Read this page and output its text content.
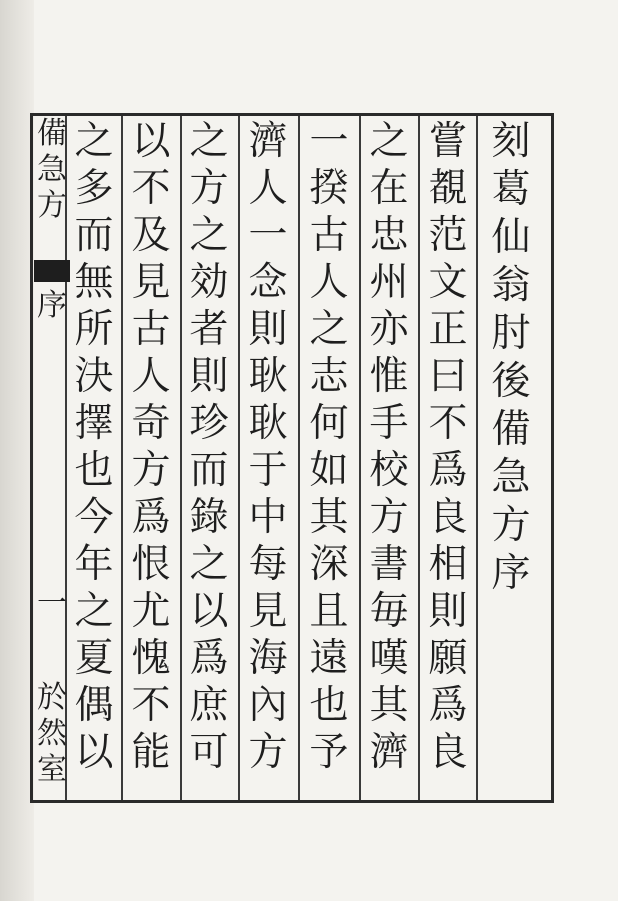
刻
葛
仙
翁
肘
後
備
急
方
序
嘗
覩
范
文
正
曰
不
爲
良
相
則
願
爲
良
之
在
忠
州
亦
惟
手
校
方
書
毎
嘆
其
濟
一
揆
古
人
之
志
何
如
其
深
且
遠
也
予
濟
人
一
念
則
耿
耿
于
中
每
見
海
內
方
之
方
之
効
者
則
珍
而
錄
之
以
爲
庶
可
以
不
及
見
古
人
奇
方
爲
恨
尤
愧
不
能
之
多
而
無
所
決
擇
也
今
年
之
夏
偶
以
備
急
方
序
一
於
然
室
